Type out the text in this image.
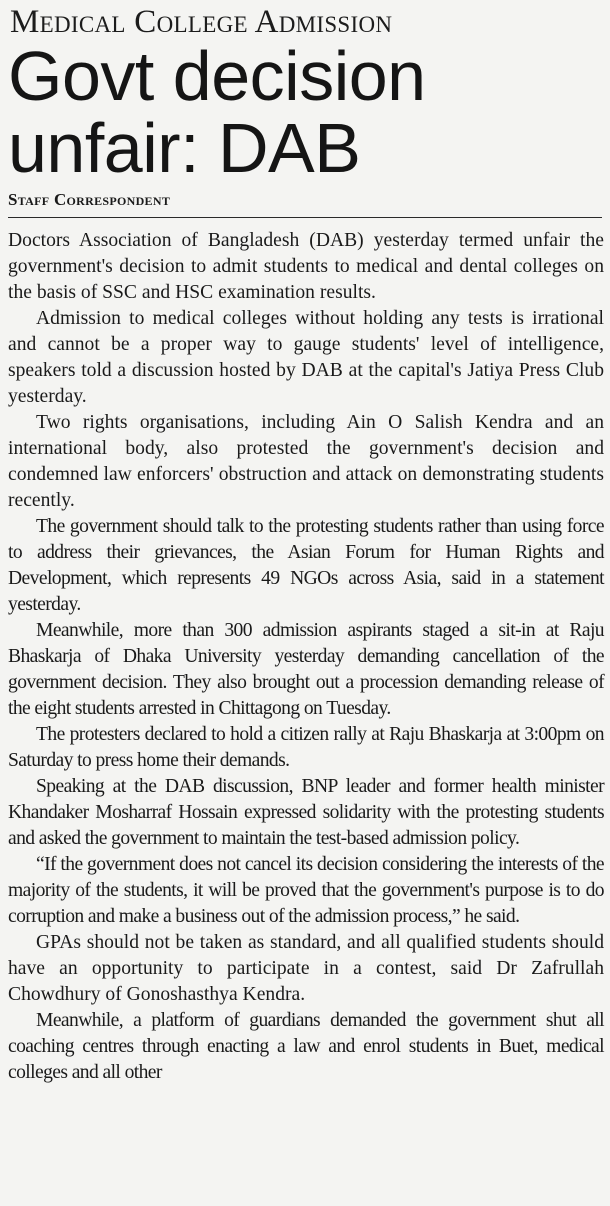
Medical College Admission
Govt decision
unfair: DAB
Staff Correspondent

Doctors Association of Bangladesh (DAB) yesterday termed unfair the government's decision to admit students to medical and dental colleges on the basis of SSC and HSC examination results.

Admission to medical colleges without holding any tests is irrational and cannot be a proper way to gauge students' level of intelligence, speakers told a discussion hosted by DAB at the capital's Jatiya Press Club yesterday.

Two rights organisations, including Ain O Salish Kendra and an international body, also protested the government's decision and condemned law enforcers' obstruction and attack on demonstrating students recently.

The government should talk to the protesting students rather than using force to address their grievances, the Asian Forum for Human Rights and Development, which represents 49 NGOs across Asia, said in a statement yesterday.

Meanwhile, more than 300 admission aspirants staged a sit-in at Raju Bhaskarja of Dhaka University yesterday demanding cancellation of the government decision. They also brought out a procession demanding release of the eight students arrested in Chittagong on Tuesday.

The protesters declared to hold a citizen rally at Raju Bhaskarja at 3:00pm on Saturday to press home their demands.

Speaking at the DAB discussion, BNP leader and former health minister Khandaker Mosharraf Hossain expressed solidarity with the protesting students and asked the government to maintain the test-based admission policy.

“If the government does not cancel its decision considering the interests of the majority of the students, it will be proved that the government's purpose is to do corruption and make a business out of the admission process,” he said.

GPAs should not be taken as standard, and all qualified students should have an opportunity to participate in a contest, said Dr Zafrullah Chowdhury of Gonoshasthya Kendra.

Meanwhile, a platform of guardians demanded the government shut all coaching centres through enacting a law and enrol students in Buet, medical colleges and all other
